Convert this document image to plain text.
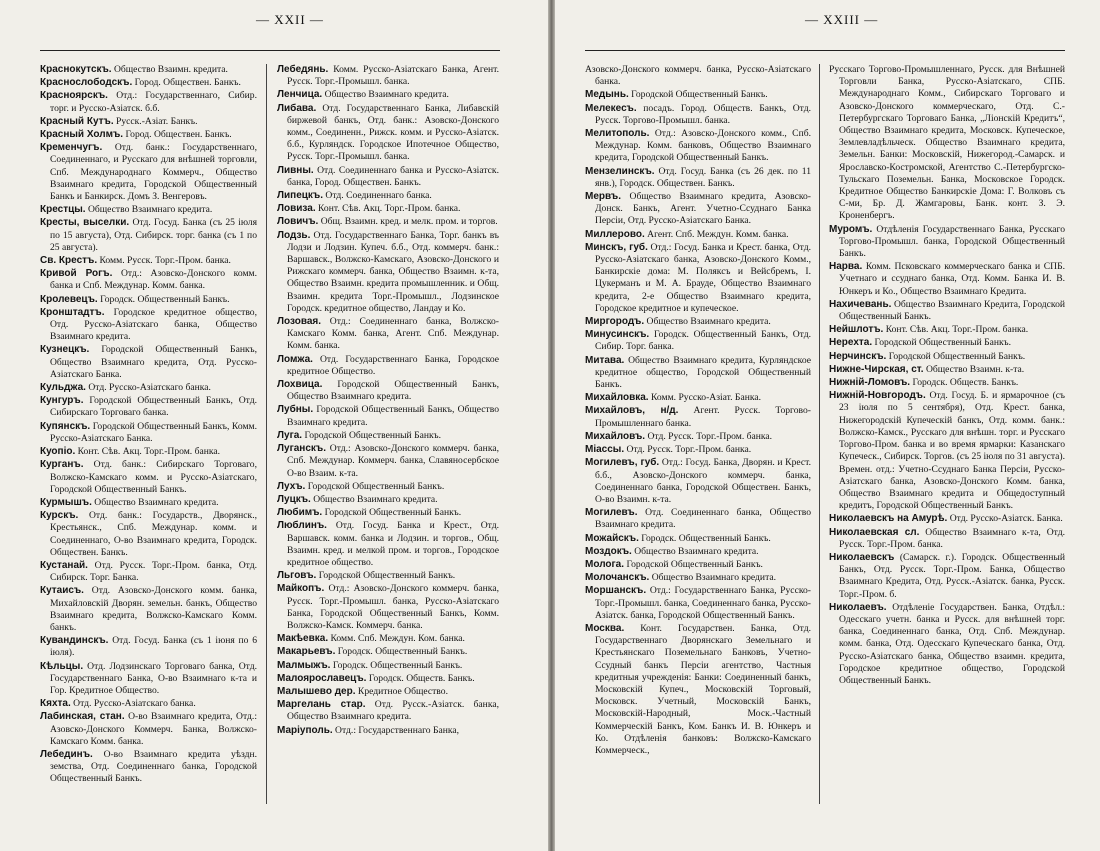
— XXII —
Краснокутскъ. Общество Взаимн. кредита.
Краснослободскъ. Город. Обществен. Банкъ.
Красноярскъ. Отд.: Государственнаго, Сибир. торг. и Русско-Азіатск. б.б.
Красный Кутъ. Русск.-Азіат. Банкъ.
Красный Холмъ. Город. Обществен. Банкъ.
Кременчугъ. Отд. банк.: Государственнаго, Соединеннаго, и Русскаго для внѣшней торговли, Спб. Международнаго Коммерч., Общество Взаимнаго кредита, Городской Общественный Банкъ и Банкирск. Домъ З. Венгеровъ.
Крестцы. Общество Взаимнаго кредита.
Кресты, выселки. Отд. Госуд. Банка (съ 25 іюля по 15 августа), Отд. Сибирск. торг. банка (съ 1 по 25 августа).
Св. Крестъ. Комм. Русск. Торг.-Пром. банка.
Кривой Рогъ. Отд.: Азовско-Донского комм. банка и Спб. Междунар. Комм. банка.
Кролевецъ. Городск. Общественный Банкъ.
Кронштадтъ. Городское кредитное общество, Отд. Русско-Азіатскаго банка, Общество Взаимнаго кредита.
Кузнецкъ. Городской Общественный Банкъ, Общество Взаимнаго кредита, Отд. Русско-Азіатскаго Банка.
Кульджа. Отд. Русско-Азіатскаго банка.
Кунгуръ. Городской Общественный Банкъ, Отд. Сибирскаго Торговаго банка.
Купянскъ. Городской Общественный Банкъ, Комм. Русско-Азіатскаго Банка.
Куопіо. Конт. Сѣв. Акц. Торг.-Пром. банка.
Курганъ. Отд. банк.: Сибирскаго Торговаго, Волжско-Камскаго комм. и Русско-Азіатскаго, Городской Общественный Банкъ.
Курмышъ. Общество Взаимнаго кредита.
Курскъ. Отд. банк.: Государств., Дворянск., Крестьянск., Спб. Междунар. комм. и Соединеннаго, О-во Взаимнаго кредита, Городск. Обществен. Банкъ.
Кустанай. Отд. Русск. Торг.-Пром. банка, Отд. Сибирск. Торг. Банка.
Кутаисъ. Отд. Азовско-Донского комм. банка, Михайловскій Дворян. земельн. банкъ, Общество Взаимнаго кредита, Волжско-Камскаго Комм. банкъ.
Кувандинскъ. Отд. Госуд. Банка (съ 1 іюня по 6 іюля).
Кѣльцы. Отд. Лодзинскаго Торговаго банка, Отд. Государственнаго Банка, О-во Взаимнаго к-та и Гор. Кредитное Общество.
Кяхта. Отд. Русско-Азіатскаго банка.
Лабинская, стан. О-во Взаимнаго кредита, Отд.: Азовско-Донского Коммерч. Банка, Волжско-Камскаго Комм. банка.
Лебединъ. О-во Взаимнаго кредита уѣздн. земства, Отд. Соединеннаго банка, Городской Общественный Банкъ.
Лебедянь. Комм. Русско-Азіатскаго Банка, Агент. Русск. Торг.-Промышл. банка.
Ленчица. Общество Взаимнаго кредита.
Либава. Отд. Государственнаго Банка, Либавскій биржевой банкъ, Отд. банк.: Азовско-Донского комм., Соединенн., Рижск. комм. и Русско-Азіатск. б.б., Курляндск. Городское Ипотечное Общество, Русск. Торг.-Промышл. банка.
Ливны. Отд. Соединеннаго банка и Русско-Азіатск. банка, Город. Обществен. Банкъ.
Липецкъ. Отд. Соединеннаго банка.
Ловиза. Конт. Сѣв. Акц. Торг.-Пром. банка.
Ловичъ. Общ. Взаимн. кред. и мелк. пром. и торгов.
Лодзь. Отд. Государственнаго Банка, Торг. банкъ въ Лодзи и Лодзин. Купеч. б.б., Отд. коммерч. банк.: Варшавск., Волжско-Камскаго, Азовско-Донского и Рижскаго коммерч. банка, Общество Взаимн. к-та, Общество Взаимн. кредита промышленник. и Общ. Взаимн. кредита Торг.-Промышл., Лодзинское Городск. кредитное общество, Ландау и Ко.
Лозовая. Отд.: Соединеннаго банка, Волжско-Камскаго Комм. банка, Агент. Спб. Междунар. Комм. банка.
Ломжа. Отд. Государственнаго Банка, Городское кредитное Общество.
Лохвица. Городской Общественный Банкъ, Общество Взаимнаго кредита.
Лубны. Городской Общественный Банкъ, Общество Взаимнаго кредита.
Луга. Городской Общественный Банкъ.
Луганскъ. Отд.: Азовско-Донского коммерч. банка, Спб. Междунар. Коммерч. банка, Славяносербское О-во Взаим. к-та.
Лухъ. Городской Общественный Банкъ.
Луцкъ. Общество Взаимнаго кредита.
Любимъ. Городской Общественный Банкъ.
Люблинъ. Отд. Госуд. Банка и Крест., Отд. Варшавск. комм. банка и Лодзин. и торгов., Общ. Взаимн. кред. и мелкой пром. и торгов., Городское кредитное общество.
Льговъ. Городской Общественный Банкъ.
Майкопъ. Отд.: Азовско-Донского коммерч. банка, Русск. Торг.-Промышл. банка, Русско-Азіатскаго Банка, Городской Общественный Банкъ, Комм. Волжско-Камск. Коммерч. банка.
Макѣевка. Комм. Спб. Междун. Ком. банка.
Макарьевъ. Городск. Общественный Банкъ.
Малмыжъ. Городск. Общественный Банкъ.
Малоярославецъ. Городск. Обществ. Банкъ.
Малышево дер. Кредитное Общество.
Маргелань стар. Отд. Русск.-Азіатск. банка, Общество Взаимнаго кредита.
Маріуполь. Отд.: Государственнаго Банка,
— XXIII —
Азовско-Донского коммерч. банка, Русско-Азіатскаго банка.
Медынь. Городской Общественный Банкъ.
Мелекесъ. посадъ. Город. Обществ. Банкъ, Отд. Русск. Торгово-Промышл. банка.
Мелитополь. Отд.: Азовско-Донского комм., Спб. Междунар. Комм. банковъ, Общество Взаимнаго кредита, Городской Общественный Банкъ.
Мензелинскъ. Отд. Госуд. Банка (съ 26 дек. по 11 янв.), Городск. Обществен. Банкъ.
Мервъ. Общество Взаимнаго кредита, Азовско-Донск. Банкъ, Агент. Учетно-Ссуднаго Банка Персіи, Отд. Русско-Азіатскаго Банка.
Миллерово. Агент. Спб. Междун. Комм. банка.
Минскъ, губ. Отд.: Госуд. Банка и Крест. банка, Отд. Русско-Азіатскаго банка, Азовско-Донского Комм., Банкирскіе дома: М. Поляксъ и Вейсбремъ, І. Цукерманъ и М. А. Брауде, Общество Взаимнаго кредита, 2-е Общество Взаимнаго кредита, Городское кредитное и купеческое.
Миргородъ. Общество Взаимнаго кредита.
Минусинскъ. Городск. Общественный Банкъ, Отд. Сибир. Торг. банка.
Митава. Общество Взаимнаго кредита, Курляндское кредитное общество, Городской Общественный Банкъ.
Михайловка. Комм. Русско-Азіат. Банка.
Михайловъ, н/д. Агент. Русск. Торгово-Промышленнаго банка.
Михайловъ. Отд. Русск. Торг.-Пром. банка.
Міассы. Отд. Русск. Торг.-Пром. банка.
Могилевъ, губ. Отд.: Госуд. Банка, Дворян. и Крест. б.б., Азовско-Донского коммерч. банка, Соединеннаго банка, Городской Обществен. Банкъ, О-во Взаимн. к-та.
Могилевъ. Отд. Соединеннаго банка, Общество Взаимнаго кредита.
Можайскъ. Городск. Общественный Банкъ.
Моздокъ. Общество Взаимнаго кредита.
Мологa. Городской Общественный Банкъ.
Молочанскъ. Общество Взаимнаго кредита.
Моршанскъ. Отд.: Государственнаго Банка, Русско-Торг.-Промышл. банка, Соединеннаго банка, Русско-Азіатск. банка, Городской Общественный Банкъ.
Москва. Конт. Государствен. Банка, Отд. Государственнаго Дворянскаго Земельнаго и Крестьянскаго Поземельнаго Банковъ, Учетно-Ссудный банкъ Персіи агентство, Частныя кредитныя учрежденія: Банки: Соединенный банкъ, Московскій Купеч., Московскій Торговый, Московск. Учетный, Московскій Банкъ, Московскій-Народный, Моск.-Частный Коммерческій Банкъ, Ком. Банкъ И. В. Юнкеръ и Ко. Отдѣленія банковъ: Волжско-Камскаго Коммерческ.,
Русскаго Торгово-Промышленнаго, Русск. для Внѣшней Торговли Банка, Русско-Азіатскаго, СПБ. Международнаго Комм., Сибирскаго Торговаго и Азовско-Донского коммерческаго, Отд. С.-Петербургскаго Торговаго Банка, „Ліонскій Кредитъ“, Общество Взаимнаго кредита, Московск. Купеческое, Землевладѣльческ. Общество Взаимнаго кредита, Земельн. Банки: Московскій, Нижегород.-Самарск. и Ярославско-Костромской, Агентство С.-Петербургско-Тульскаго Поземельн. Банка, Московское Городск. Кредитное Общество Банкирскіе Дома: Г. Волковъ съ С-ми, Бр. Д. Жамгаровы, Банк. конт. З. Э. Кроненбергъ.
Муромъ. Отдѣленія Государственнаго Банка, Русскаго Торгово-Промышл. банка, Городской Общественный Банкъ.
Нарва. Комм. Псковскаго коммерческаго банка и СПБ. Учетнаго и ссуднаго банка, Отд. Комм. Банка И. В. Юнкеръ и Ко., Общество Взаимнаго Кредита.
Нахичевань. Общество Взаимнаго Кредита, Городской Общественный Банкъ.
Нейшлотъ. Конт. Сѣв. Акц. Торг.-Пром. банка.
Нерехта. Городской Общественный Банкъ.
Нерчинскъ. Городской Общественный Банкъ.
Нижне-Чирская, ст. Общество Взаимн. к-та.
Нижній-Ломовъ. Городск. Обществ. Банкъ.
Нижній-Новгородъ. Отд. Госуд. Б. и ярмарочное (съ 23 іюля по 5 сентября), Отд. Крест. банка, Нижегородскій Купеческій банкъ, Отд. комм. банк.: Волжско-Камск., Русскаго для внѣшн. торг. и Русскаго Торгово-Пром. банка и во время ярмарки: Казанскаго Купеческ., Сибирск. Торгов. (съ 25 іюля по 31 августа). Времен. отд.: Учетно-Ссуднаго Банка Персіи, Русско-Азіатскаго банка, Азовско-Донского Комм. банка, Общество Взаимнаго кредита и Общедоступный кредитъ, Городской Общественный Банкъ.
Николаевскъ на Амурѣ. Отд. Русско-Азіатск. Банка.
Николаевская сл. Общество Взаимнаго к-та, Отд. Русск. Торг.-Пром. банка.
Николаевскъ (Самарск. г.). Городск. Общественный Банкъ, Отд. Русск. Торг.-Пром. Банка, Общество Взаимнаго Кредита, Отд. Русск.-Азіатск. банка, Русск. Торг.-Пром. б.
Николаевъ. Отдѣленіе Государствен. Банка, Отдѣл.: Одесскаго учетн. банка и Русск. для внѣшней торг. банка, Соединеннаго банка, Отд. Спб. Междунар. комм. банка, Отд. Одесскаго Купеческаго банка, Отд. Русско-Азіатскаго банка, Общество взаимн. кредита, Городское кредитное общество, Городской Общественный Банкъ.
